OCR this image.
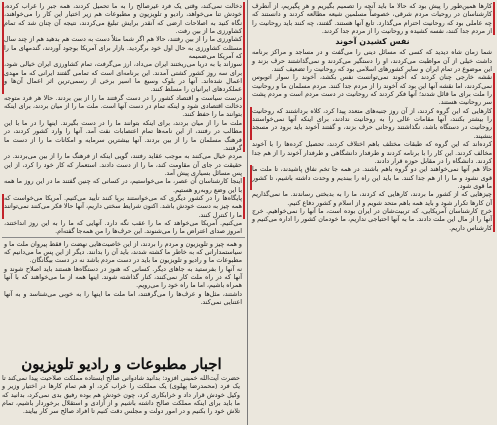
دخالت نمی‌کند، وقتی یک فرد غیرصالح را به ما تحمیل کردند، همه جبر را غراب کرده، خودش تنا می‌خواهد، رادیو و تلویزیون و مطبوعات هم زیر اختیار این کار را می‌خواهند، نگاه کنید به اصلاحات ارضی که آنقدر برایش تبلیغ می‌کردند، نتیجه آن چنان شد که تمام کشاورزی ما از بین رفت.

کشاورزی ما را از بین رفتند، حالا هم اگر شما مثلاً دست به دست هم بدهید هم از چند سال مسئلت کشاورزی به حال اول خود برگردید. بازار برای آمریکا بوجود آوردند، گندمهای ما را که آمریکا می‌ضمیمه

سوزاند یا به دریا می‌ریختند ایران می‌داد، ارز می‌گرفت، تمام کشاورزی ایران خیالی شود، برای سه روز کشور کشتی آمدند. این برنامه‌ای است که تمامی گفتند ایرانی که ما مهدی اعمال شده‌اند. آنها در بلوک وسیع ما اسیر برخی از رسمی‌ترین اثر اعمال آن‌ها و عملکردهای ایرانیان را مسلط کنند.

درست سیاست و اقتصاد کشور را در دست گرفتند ما را از بین بردند. حالا هر فرد متوجه دخالت اقتصادی شود و اینکه تمام در دست آنها است. ملت ما را از میان بردند، برای اینکه بتوانند ما را حفظ کنند.

ملت ما را از میان بردند، برای اینکه بتوانند ما را در دست بگیرند. اینها را در ما با این مطالب در رفتند، از این نامه‌ها تمام اعتصابات نفت آمد. آنها را وارد کشور کردند، در فرهنگ مسلمان ما را از بین بردند. آنها بیشترین سرمایه و امکانات ما را از دست ما گرفتند.

مردم خیال می‌کنند به موجب عقاید رفتند، گویی اینکه از فرهنگ ما را از بین می‌بردند. در حقیقت در جای آن مقاومت کند، ما را از دست دادند. استعمار که کار خود را کرد، از این پس مسائل بسیاری پیش آمد.

اینجا کارشناسان آن عصر، ما می‌خواستیم، در کسانی که چنین گفتند ما در این روز ما همه با این وضع روبه‌رو هستیم.

پایگاه‌ها را در کشور دیگری که می‌خواستند برپا کنند تأیید می‌کنیم. آمریکا می‌خواست که همه چیز به دست خودش باشد. اکنون شرایط سختی داریم، آنها حالا فکر می‌کنند نمی‌توانند ما را کنترل کنند.

می‌کنیم. آمریکا می‌خواهد که ما را عقب نگه دارد. آنهایی که ما را به این روز انداختند، امروز صدای اعتراض ما را می‌شنوند. این حرف‌ها را من همه‌جا گفته‌ام.

و همه چیز و تلویزیون و مردم را بردند، از این خاصیت‌هایی نهضت را فقط پیروان ملت ما و سیاستمدارانی که به خاطر ما کشته شدند، باید آن را بدانند. دیگر از این پس ما می‌دانیم که مطبوعات ما و رادیو و تلویزیون ما باید در دست مردم باشد نه در دست بیگانگان.

نه آنها را بفرستید به جاهای دیگر. کسانی که هنوز در دستگاه‌ها هستند باید اصلاح شوند و آنها که در راه ملت کار نمی‌کنند، کنار گذاشته شوند. اینها همه از ما می‌خواهند که با آنها همراه باشیم، اما ما راه خود را می‌رویم.

داشتند، مثل‌ها و عرف‌ها را می‌گرفتند، اما ملت ما اینها را به خوبی می‌شناسد و به آنها اعتنایی نمی‌کند.

اجبار مطبوعات و رادیو تلویزیون

حضرت آیت‌الله خمینی افزود: بدانید شادوانی صالح ایستاده مملکت صلاحیت پیدا نمی‌کند تا یک فرد (محمدرضا پهلوی) یک مملکت را خراب کرد، او هم تمام کارها در اختیار وزیر و وکیل خودش قرار داد و خرابکاری کرد، چون خودش هم بوده رفیق بدی نمی‌کرد، بدانید که ما باید برای اینکه مملکت صالح داشته باشیم و از آزادی و استقلال برخوردار باشیم، تمام تلاش خود را بکنیم و در امور دولت و مجلس دقت کنیم تا افراد صالح سر کار بیایند.

کارها همین‌طور را پیش بود که حالا ما باید آنچه را تصمیم بگیریم و هر پگیریم، از آنطرف کارشناسان در روحیات مردم شرقی، خصوصاً مسلمین شیعه مطالعه کردند و دانستند که چه عاملی بود که روحانیت احترام می‌گذارد. تابع آنها هستند. گفتند، چه کنند باید روحانیت را از مردم جدا کنند، نفسه کشیده و روحانیت را از مردم جدا کردند.

نفس کشیدن آخوند

شما زمان شاه دیدید که کسی که مسائل دینی را می‌گفت و در مساجد و مراکز برنامه داشت خیلی از آن مواظبت می‌کردند، او را دستگیر می‌کردند و نمی‌گذاشتند حرف بزند و این موضوع در تمام ایران و سایر کشورهای اسلامی بود که روحانیت را تضعیف کنند.

نقشه خارجی چنان کردند که آخوند نمی‌توانست نفس بکشد، آخوند را سوار اتوبوس نمی‌کردند، اما نقشه آنها این بود که آخوند را از مردم جدا کنند. مردم مسلمان ما و روحانیت را ملت برای ما قائل شدند؛ آنها فکر کردند که روحانیت در دست مردم است و مردم پشت سر روحانیت هستند.

کارهایی که این گروه کردند، از آن روز جنبه‌های متعدد پیدا کرد، کلاه برداشتند که روحانیت را بیشتر بکنند، آنها مقامات عالی را به روحانیت ندادند، برای اینکه آنها نمی‌خواستند روحانیت در دستگاه باشد، نگذاشتند روحانی حرف بزند، و گفتند آخوند باید برود در مسجد بنشیند.

کرده‌اند که این گروه که طبقات مختلف باهم اختلاف کردند، تحصیل کرده‌ها را با آخوند مخالف کردند. این کار را با برنامه کردند و طرفدار دانشگاهی و طرفدار آخوند را از هم جدا کردند. دانشگاه را در مقابل حوزه قرار دادند.

حالا هم آنها نمی‌خواهند این دو گروه باهم باشند. در همه جا تخم نفاق پاشیدند، تا ملت ما قوی نشود و ما را از هم جدا کنند. ما باید این راه را ببندیم و وحدت داشته باشیم، تا کشور ما قوی شود.

چیزهایی که از کشور ما بردند، کارهایی که کردند، ما را به بدبختی رساندند. ما نمی‌گذاریم آن کارها تکرار شود و باید همه باهم متحد شویم و از اسلام و کشور دفاع کنیم.

خرج کارشناسان آمریکایی، که تربیت‌شان در ایران بوده است، ما آنها را نمی‌خواهیم. خرج آنها را از مال این ملت دادند. ما به آنها احتیاجی نداریم، ما خودمان کشور را اداره می‌کنیم و کارشناس داریم.
